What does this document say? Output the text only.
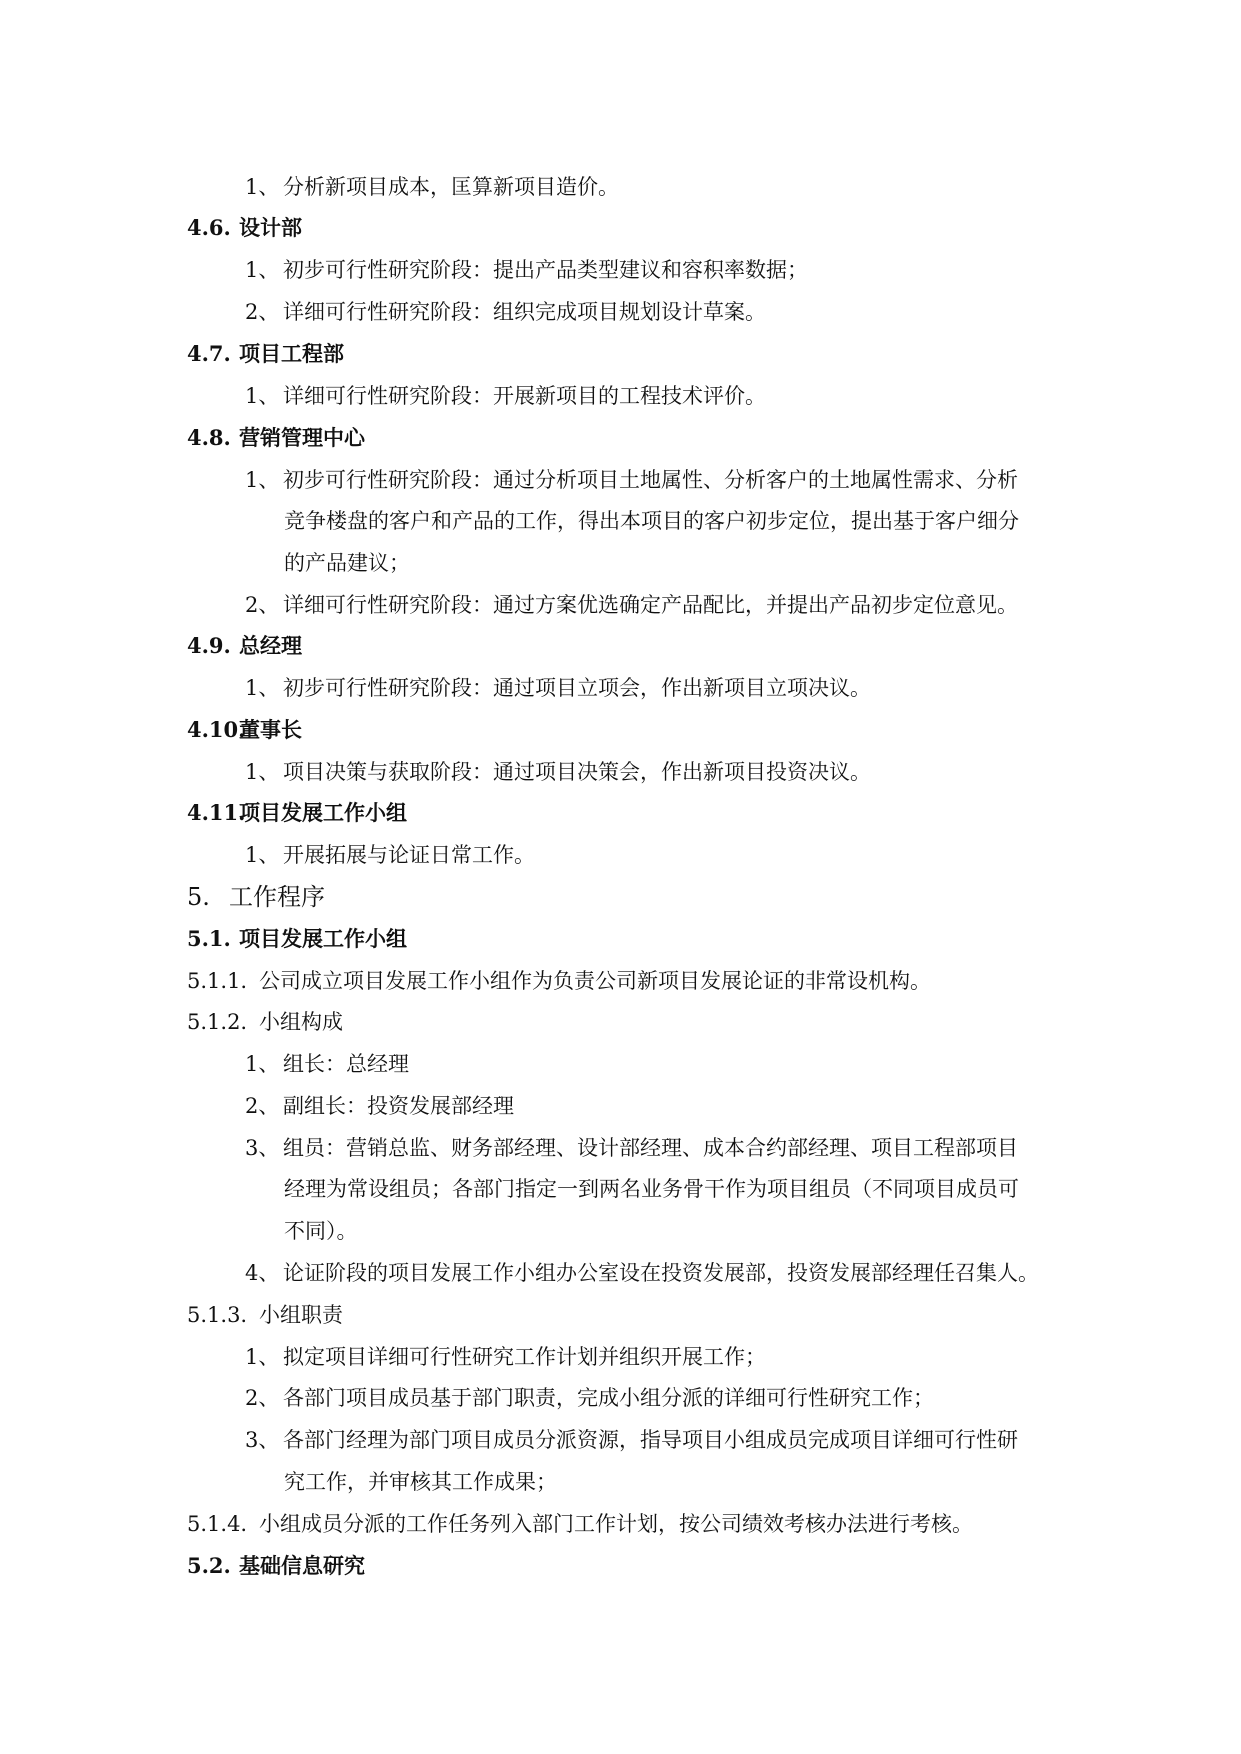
1、 分析新项目成本，匡算新项目造价。
4.6. 设计部
1、 初步可行性研究阶段：提出产品类型建议和容积率数据；
2、 详细可行性研究阶段：组织完成项目规划设计草案。
4.7. 项目工程部
1、 详细可行性研究阶段：开展新项目的工程技术评价。
4.8. 营销管理中心
1、 初步可行性研究阶段：通过分析项目土地属性、分析客户的土地属性需求、分析
竞争楼盘的客户和产品的工作，得出本项目的客户初步定位，提出基于客户细分
的产品建议；
2、 详细可行性研究阶段：通过方案优选确定产品配比，并提出产品初步定位意见。
4.9. 总经理
1、 初步可行性研究阶段：通过项目立项会，作出新项目立项决议。
4.10.董事长
1、 项目决策与获取阶段：通过项目决策会，作出新项目投资决议。
4.11.项目发展工作小组
1、 开展拓展与论证日常工作。
5. 工作程序
5.1. 项目发展工作小组
5.1.1. 公司成立项目发展工作小组作为负责公司新项目发展论证的非常设机构。
5.1.2. 小组构成
1、 组长：总经理
2、 副组长：投资发展部经理
3、 组员：营销总监、财务部经理、设计部经理、成本合约部经理、项目工程部项目
经理为常设组员；各部门指定一到两名业务骨干作为项目组员（不同项目成员可
不同）。
4、 论证阶段的项目发展工作小组办公室设在投资发展部，投资发展部经理任召集人。
5.1.3. 小组职责
1、 拟定项目详细可行性研究工作计划并组织开展工作；
2、 各部门项目成员基于部门职责，完成小组分派的详细可行性研究工作；
3、 各部门经理为部门项目成员分派资源，指导项目小组成员完成项目详细可行性研
究工作，并审核其工作成果；
5.1.4. 小组成员分派的工作任务列入部门工作计划，按公司绩效考核办法进行考核。
5.2. 基础信息研究
